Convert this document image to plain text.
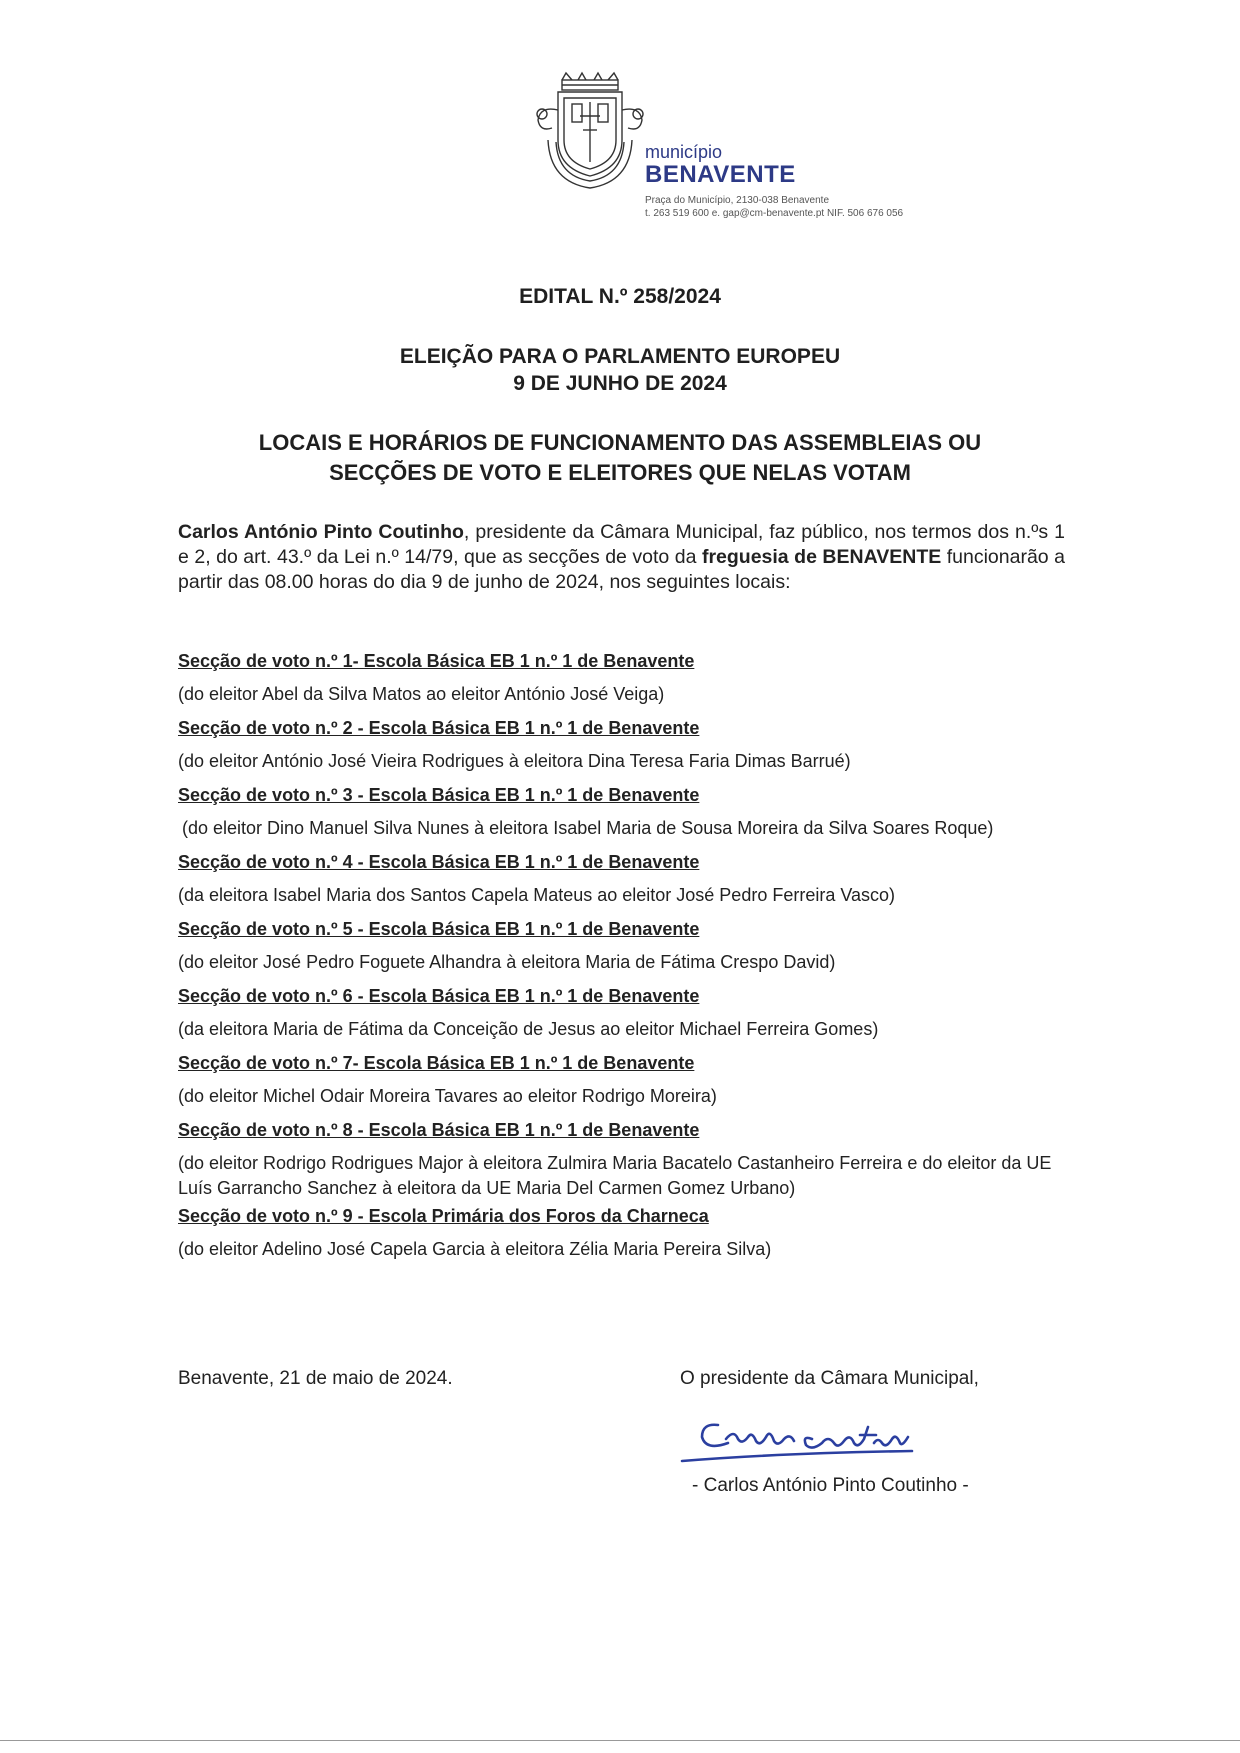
município
BENAVENTE
Praça do Município, 2130-038 Benavente
t. 263 519 600 e. gap@cm-benavente.pt NIF. 506 676 056
EDITAL N.º 258/2024
ELEIÇÃO PARA O PARLAMENTO EUROPEU
9 DE JUNHO DE 2024
LOCAIS E HORÁRIOS DE FUNCIONAMENTO DAS ASSEMBLEIAS OU
SECÇÕES DE VOTO E ELEITORES QUE NELAS VOTAM
Carlos António Pinto Coutinho, presidente da Câmara Municipal, faz público, nos termos dos n.ºs 1 e 2, do art. 43.º da Lei n.º 14/79, que as secções de voto da freguesia de BENAVENTE funcionarão a partir das 08.00 horas do dia 9 de junho de 2024, nos seguintes locais:

Secção de voto n.º 1- Escola Básica EB 1 n.º 1 de Benavente

(do eleitor Abel da Silva Matos ao eleitor António José Veiga)

Secção de voto n.º 2 - Escola Básica EB 1 n.º 1 de Benavente

(do eleitor António José Vieira Rodrigues à eleitora Dina Teresa Faria Dimas Barrué)

Secção de voto n.º 3 - Escola Básica EB 1 n.º 1 de Benavente

(do eleitor Dino Manuel Silva Nunes à eleitora Isabel Maria de Sousa Moreira da Silva Soares Roque)

Secção de voto n.º 4 - Escola Básica EB 1 n.º 1 de Benavente

(da eleitora Isabel Maria dos Santos Capela Mateus ao eleitor José Pedro Ferreira Vasco)

Secção de voto n.º 5 - Escola Básica EB 1 n.º 1 de Benavente

(do eleitor José Pedro Foguete Alhandra à eleitora Maria de Fátima Crespo David)

Secção de voto n.º 6 - Escola Básica EB 1 n.º 1 de Benavente

(da eleitora Maria de Fátima da Conceição de Jesus ao eleitor Michael Ferreira Gomes)

Secção de voto n.º 7- Escola Básica EB 1 n.º 1 de Benavente

(do eleitor Michel Odair Moreira Tavares ao eleitor Rodrigo Moreira)

Secção de voto n.º 8 - Escola Básica EB 1 n.º 1 de Benavente

(do eleitor Rodrigo Rodrigues Major à eleitora Zulmira Maria Bacatelo Castanheiro Ferreira e do eleitor da UE Luís Garrancho Sanchez à eleitora da UE Maria Del Carmen Gomez Urbano)

Secção de voto n.º 9 - Escola Primária dos Foros da Charneca

(do eleitor Adelino José Capela Garcia à eleitora Zélia Maria Pereira Silva)

Benavente, 21 de maio de 2024.	O presidente da Câmara Municipal,
- Carlos António Pinto Coutinho -
